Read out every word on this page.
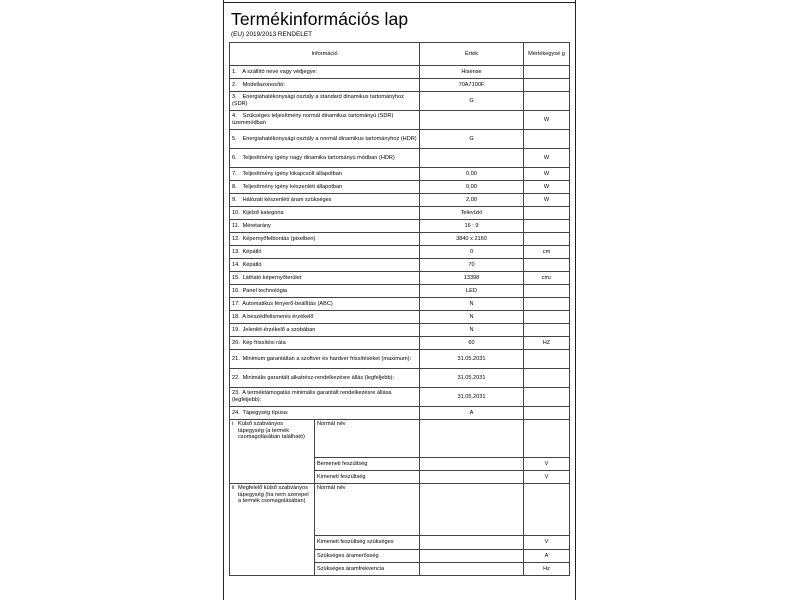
Termékinformációs lap
(EU) 2019/2013 RENDELET
Információ		Érték	Mértékegysé g
1. A szállító neve vagy védjegye:		Hisense	
2. Modellazonosító:		70A7100F	
3. Energiahatékonysági osztály a standard dinamikus tartományhoz (SDR)		G	
4. Szükséges teljesítmény normál dinamikus tartományú (SDR) üzemmódban			W
5. Energiahatékonysági osztály a normál dinamikus tartományhoz (HDR)		G	
6. Teljesítmény igény nagy dinamika tartományú módban (HDR)			W
7. Teljesítmény igény kikapcsolt állapotban		0,00	W
8. Teljesítmény igény készenléti állapotban		0,00	W
9. Hálózati készenléti áram szükséges		2,00	W
10. Kijelző kategória		Televízió	
11. Méretarány		16 : 9	
12. Képernyőfelbontás (pixelben)		3840 x 2160	
13. Képátló		0	cm
14. Képátló		70	
15. Látható képernyőterület		13398	$cm^2$
16. Panel technológia		LED	
17. Automatikus fényerő-beállítás (ABC)		N	
18. A beszédfelismerés érzékelő		N	
19. Jelenlét-érzékelő a szobában		N	
20. Kép frissítési ráta		60	HZ
21. Minimum garantáltan a szoftver és hardver frissítéseket (maximum):		31.05.2031	
22. Minimális garantált alkatrész-rendelkezésre állás (legfeljebb):		31.05.2031	
23. A terméktámogatás minimális garantált rendelkezésre állása (legfeljebb):		31.05.2031	
24. Tápegység típusa:		A	
i Külső szabványos tápegység (a termék csomagolásában található)	Normál név		
	Bemeneti feszültség		V
	Kimeneti feszültség		V
ii Megfelelő külső szabványos tápegység (ha nem szerepel a termék csomagolásában)	Normál név		
	Kimeneti feszültség szükséges		V
	Szükséges áramerősség		A
	Szükséges áramfrekvencia		Hz
